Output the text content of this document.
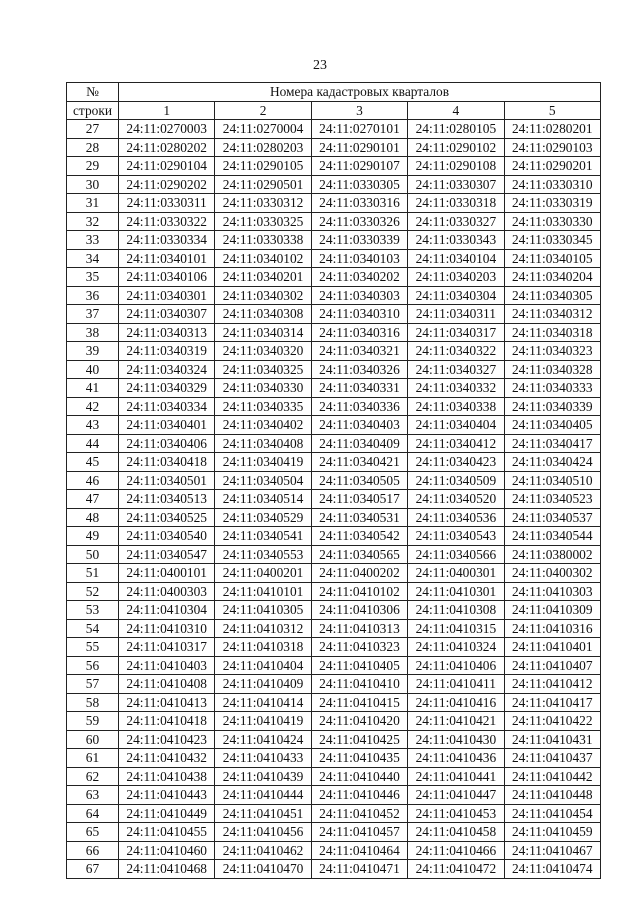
23
№	Номера кадастровых кварталов				
строки	1	2	3	4	5
27	24:11:0270003	24:11:0270004	24:11:0270101	24:11:0280105	24:11:0280201
28	24:11:0280202	24:11:0280203	24:11:0290101	24:11:0290102	24:11:0290103
29	24:11:0290104	24:11:0290105	24:11:0290107	24:11:0290108	24:11:0290201
30	24:11:0290202	24:11:0290501	24:11:0330305	24:11:0330307	24:11:0330310
31	24:11:0330311	24:11:0330312	24:11:0330316	24:11:0330318	24:11:0330319
32	24:11:0330322	24:11:0330325	24:11:0330326	24:11:0330327	24:11:0330330
33	24:11:0330334	24:11:0330338	24:11:0330339	24:11:0330343	24:11:0330345
34	24:11:0340101	24:11:0340102	24:11:0340103	24:11:0340104	24:11:0340105
35	24:11:0340106	24:11:0340201	24:11:0340202	24:11:0340203	24:11:0340204
36	24:11:0340301	24:11:0340302	24:11:0340303	24:11:0340304	24:11:0340305
37	24:11:0340307	24:11:0340308	24:11:0340310	24:11:0340311	24:11:0340312
38	24:11:0340313	24:11:0340314	24:11:0340316	24:11:0340317	24:11:0340318
39	24:11:0340319	24:11:0340320	24:11:0340321	24:11:0340322	24:11:0340323
40	24:11:0340324	24:11:0340325	24:11:0340326	24:11:0340327	24:11:0340328
41	24:11:0340329	24:11:0340330	24:11:0340331	24:11:0340332	24:11:0340333
42	24:11:0340334	24:11:0340335	24:11:0340336	24:11:0340338	24:11:0340339
43	24:11:0340401	24:11:0340402	24:11:0340403	24:11:0340404	24:11:0340405
44	24:11:0340406	24:11:0340408	24:11:0340409	24:11:0340412	24:11:0340417
45	24:11:0340418	24:11:0340419	24:11:0340421	24:11:0340423	24:11:0340424
46	24:11:0340501	24:11:0340504	24:11:0340505	24:11:0340509	24:11:0340510
47	24:11:0340513	24:11:0340514	24:11:0340517	24:11:0340520	24:11:0340523
48	24:11:0340525	24:11:0340529	24:11:0340531	24:11:0340536	24:11:0340537
49	24:11:0340540	24:11:0340541	24:11:0340542	24:11:0340543	24:11:0340544
50	24:11:0340547	24:11:0340553	24:11:0340565	24:11:0340566	24:11:0380002
51	24:11:0400101	24:11:0400201	24:11:0400202	24:11:0400301	24:11:0400302
52	24:11:0400303	24:11:0410101	24:11:0410102	24:11:0410301	24:11:0410303
53	24:11:0410304	24:11:0410305	24:11:0410306	24:11:0410308	24:11:0410309
54	24:11:0410310	24:11:0410312	24:11:0410313	24:11:0410315	24:11:0410316
55	24:11:0410317	24:11:0410318	24:11:0410323	24:11:0410324	24:11:0410401
56	24:11:0410403	24:11:0410404	24:11:0410405	24:11:0410406	24:11:0410407
57	24:11:0410408	24:11:0410409	24:11:0410410	24:11:0410411	24:11:0410412
58	24:11:0410413	24:11:0410414	24:11:0410415	24:11:0410416	24:11:0410417
59	24:11:0410418	24:11:0410419	24:11:0410420	24:11:0410421	24:11:0410422
60	24:11:0410423	24:11:0410424	24:11:0410425	24:11:0410430	24:11:0410431
61	24:11:0410432	24:11:0410433	24:11:0410435	24:11:0410436	24:11:0410437
62	24:11:0410438	24:11:0410439	24:11:0410440	24:11:0410441	24:11:0410442
63	24:11:0410443	24:11:0410444	24:11:0410446	24:11:0410447	24:11:0410448
64	24:11:0410449	24:11:0410451	24:11:0410452	24:11:0410453	24:11:0410454
65	24:11:0410455	24:11:0410456	24:11:0410457	24:11:0410458	24:11:0410459
66	24:11:0410460	24:11:0410462	24:11:0410464	24:11:0410466	24:11:0410467
67	24:11:0410468	24:11:0410470	24:11:0410471	24:11:0410472	24:11:0410474
